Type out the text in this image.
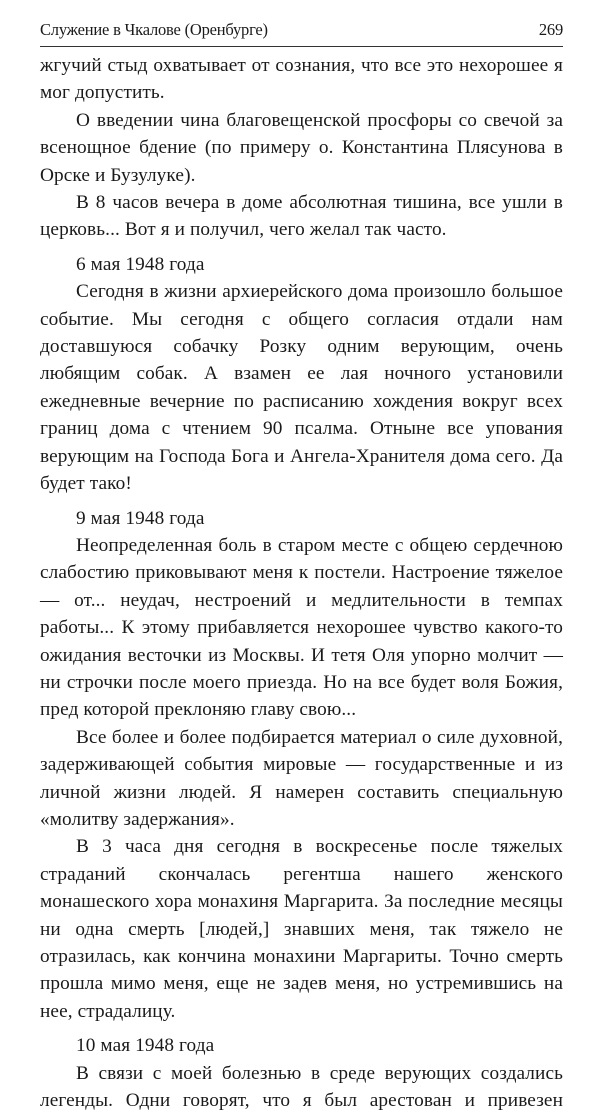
Служение в Чкалове (Оренбурге)	269

жгучий стыд охватывает от сознания, что все это нехорошее я мог допустить.

О введении чина благовещенской просфоры со свечой за всенощное бдение (по примеру о. Константина Плясунова в Орске и Бузулуке).

В 8 часов вечера в доме абсолютная тишина, все ушли в церковь... Вот я и получил, чего желал так часто.

6 мая 1948 года

Сегодня в жизни архиерейского дома произошло большое событие. Мы сегодня с общего согласия отдали нам доставшуюся собачку Розку одним верующим, очень любящим собак. А взамен ее лая ночного установили ежедневные вечерние по расписанию хождения вокруг всех границ дома с чтением 90 псалма. Отныне все упования верующим на Господа Бога и Ангела-Хранителя дома сего. Да будет тако!

9 мая 1948 года

Неопределенная боль в старом месте с общею сердечною слабостию приковывают меня к постели. Настроение тяжелое — от... неудач, нестроений и медлительности в темпах работы... К этому прибавляется нехорошее чувство какого-то ожидания весточки из Москвы. И тетя Оля упорно молчит — ни строчки после моего приезда. Но на все будет воля Божия, пред которой преклоняю главу свою...

Все более и более подбирается материал о силе духовной, задерживающей события мировые — государственные и из личной жизни людей. Я намерен составить специальную «молитву задержания».

В 3 часа дня сегодня в воскресенье после тяжелых страданий скончалась регентша нашего женского монашеского хора монахиня Маргарита. За последние месяцы ни одна смерть [людей,] знавших меня, так тяжело не отразилась, как кончина монахини Маргариты. Точно смерть прошла мимо меня, еще не задев меня, но устремившись на нее, страдалицу.

10 мая 1948 года

В связи с моей болезнью в среде верующих создались легенды. Одни говорят, что я был арестован и привезен
